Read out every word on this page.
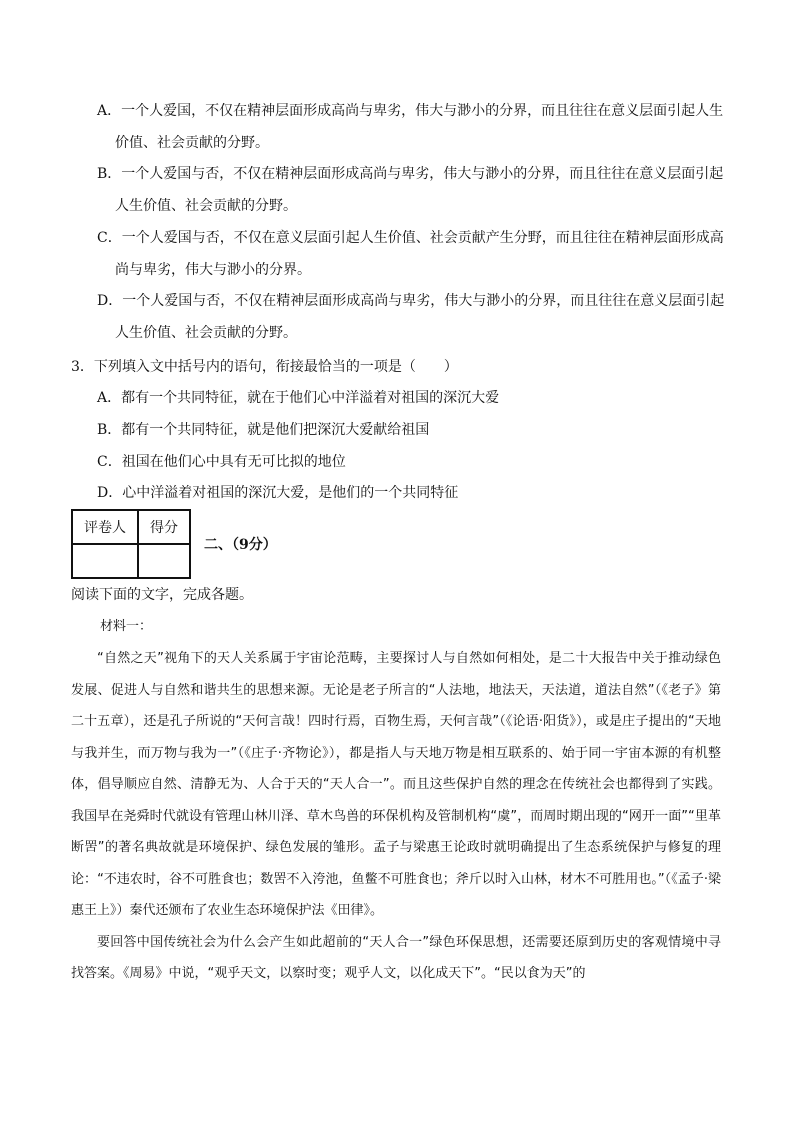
A．一个人爱国，不仅在精神层面形成高尚与卑劣，伟大与渺小的分界，而且往往在意义层面引起人生
价值、社会贡献的分野。
B．一个人爱国与否，不仅在精神层面形成高尚与卑劣，伟大与渺小的分界，而且往往在意义层面引起
人生价值、社会贡献的分野。
C．一个人爱国与否，不仅在意义层面引起人生价值、社会贡献产生分野，而且往往在精神层面形成高
尚与卑劣，伟大与渺小的分界。
D．一个人爱国与否，不仅在精神层面形成高尚与卑劣，伟大与渺小的分界，而且往往在意义层面引起
人生价值、社会贡献的分野。
3．下列填入文中括号内的语句，衔接最恰当的一项是（　　）
A．都有一个共同特征，就在于他们心中洋溢着对祖国的深沉大爱
B．都有一个共同特征，就是他们把深沉大爱献给祖国
C．祖国在他们心中具有无可比拟的地位
D．心中洋溢着对祖国的深沉大爱，是他们的一个共同特征
评卷人	得分

二、（9分）
阅读下面的文字，完成各题。
材料一：

“自然之天”视角下的天人关系属于宇宙论范畴，主要探讨人与自然如何相处，是二十大报告中关于推动绿色发展、促进人与自然和谐共生的思想来源。无论是老子所言的“人法地，地法天，天法道，道法自然”（《老子》第二十五章），还是孔子所说的“天何言哉！四时行焉，百物生焉，天何言哉”（《论语·阳货》），或是庄子提出的“天地与我并生，而万物与我为一”（《庄子·齐物论》），都是指人与天地万物是相互联系的、始于同一宇宙本源的有机整体，倡导顺应自然、清静无为、人合于天的“天人合一”。而且这些保护自然的理念在传统社会也都得到了实践。我国早在尧舜时代就设有管理山林川泽、草木鸟兽的环保机构及管制机构“虞”，而周时期出现的“网开一面”“里革断罟”的著名典故就是环境保护、绿色发展的雏形。孟子与梁惠王论政时就明确提出了生态系统保护与修复的理论：“不违农时，谷不可胜食也；数罟不入洿池，鱼鳖不可胜食也；斧斤以时入山林，材木不可胜用也。”（《孟子·梁惠王上》）秦代还颁布了农业生态环境保护法《田律》。

要回答中国传统社会为什么会产生如此超前的“天人合一”绿色环保思想，还需要还原到历史的客观情境中寻找答案。《周易》中说，“观乎天文，以察时变；观乎人文，以化成天下”。“民以食为天”的
